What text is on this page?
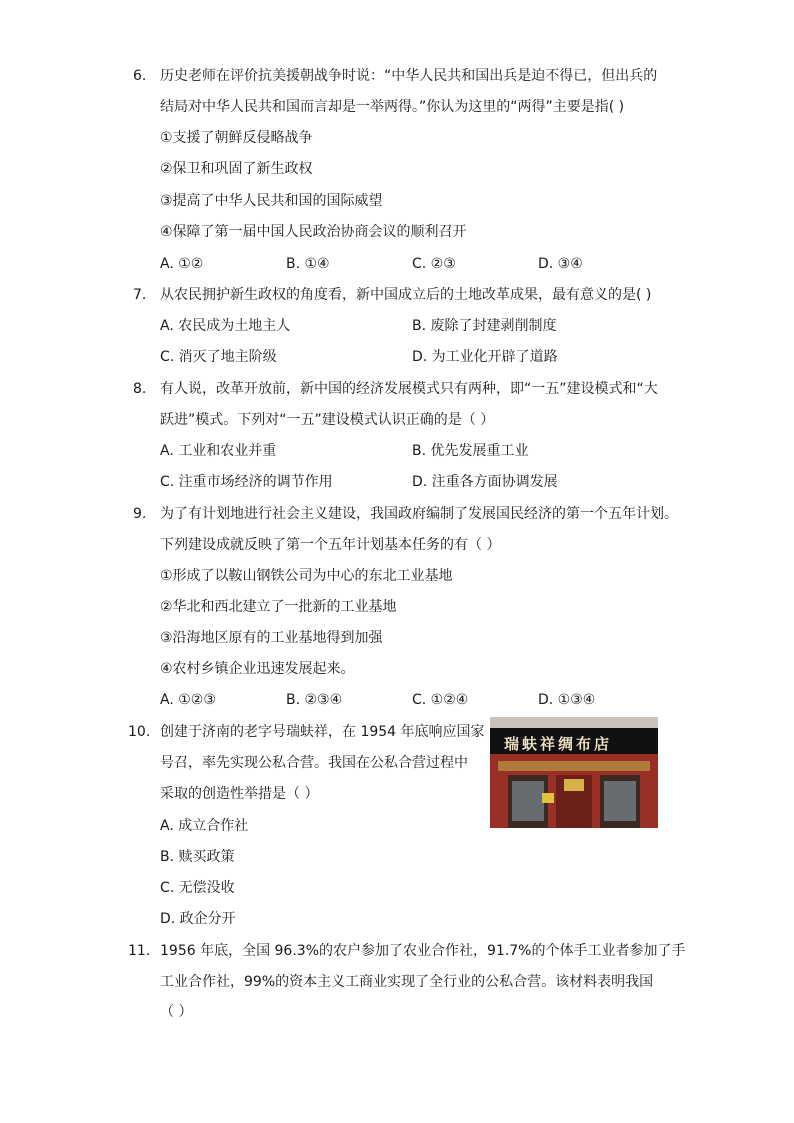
6. 历史老师在评价抗美援朝战争时说：“中华人民共和国出兵是迫不得已，但出兵的
结局对中华人民共和国而言却是一举两得。”你认为这里的“两得”主要是指( )
①支援了朝鲜反侵略战争
②保卫和巩固了新生政权
③提高了中华人民共和国的国际威望
④保障了第一届中国人民政治协商会议的顺利召开
A. ①②	B. ①④	C. ②③	D. ③④
7. 从农民拥护新生政权的角度看，新中国成立后的土地改革成果，最有意义的是( )
A. 农民成为土地主人	B. 废除了封建剥削制度
C. 消灭了地主阶级	D. 为工业化开辟了道路
8. 有人说，改革开放前，新中国的经济发展模式只有两种，即“一五”建设模式和“大
跃进”模式。下列对“一五”建设模式认识正确的是（ ）
A. 工业和农业并重	B. 优先发展重工业
C. 注重市场经济的调节作用	D. 注重各方面协调发展
9. 为了有计划地进行社会主义建设，我国政府编制了发展国民经济的第一个五年计划。
下列建设成就反映了第一个五年计划基本任务的有（ ）
①形成了以鞍山钢铁公司为中心的东北工业基地
②华北和西北建立了一批新的工业基地
③沿海地区原有的工业基地得到加强
④农村乡镇企业迅速发展起来。
A. ①②③	B. ②③④	C. ①②④	D. ①③④
10. 创建于济南的老字号瑞蚨祥，在 1954 年底响应国家
号召，率先实现公私合营。我国在公私合营过程中
采取的创造性举措是（ ）
A. 成立合作社
B. 赎买政策
C. 无偿没收
D. 政企分开
瑞蚨祥绸布店
11. 1956 年底，全国 96.3%的农户参加了农业合作社，91.7%的个体手工业者参加了手
工业合作社，99%的资本主义工商业实现了全行业的公私合营。该材料表明我国
（ ）
